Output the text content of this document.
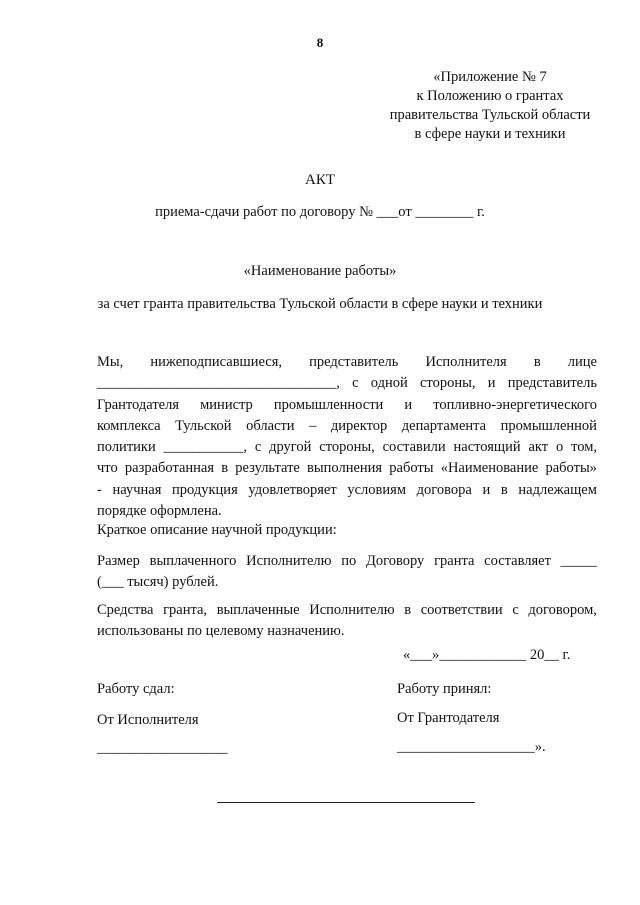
8
«Приложение № 7
к Положению о грантах
правительства Тульской области
в сфере науки и техники
АКТ
приема-сдачи работ по договору № ___от ________ г.
«Наименование работы»
за счет гранта правительства Тульской области в сфере науки и техники
Мы, нижеподписавшиеся, представитель Исполнителя в лице
_________________________________, с одной стороны, и представитель
Грантодателя министр промышленности и топливно-энергетического
комплекса Тульской области – директор департамента промышленной
политики ___________, с другой стороны, составили настоящий акт о том,
что разработанная в результате выполнения работы «Наименование работы»
- научная продукция удовлетворяет условиям договора и в надлежащем
порядке оформлена.
Краткое описание научной продукции:
Размер выплаченного Исполнителю по Договору гранта составляет _____
(___ тысяч) рублей.
Средства гранта, выплаченные Исполнителю в соответствии с договором,
использованы по целевому назначению.
«___»____________ 20__ г.
Работу сдал:
От Исполнителя
__________________
Работу принял:
От Грантодателя
___________________».
